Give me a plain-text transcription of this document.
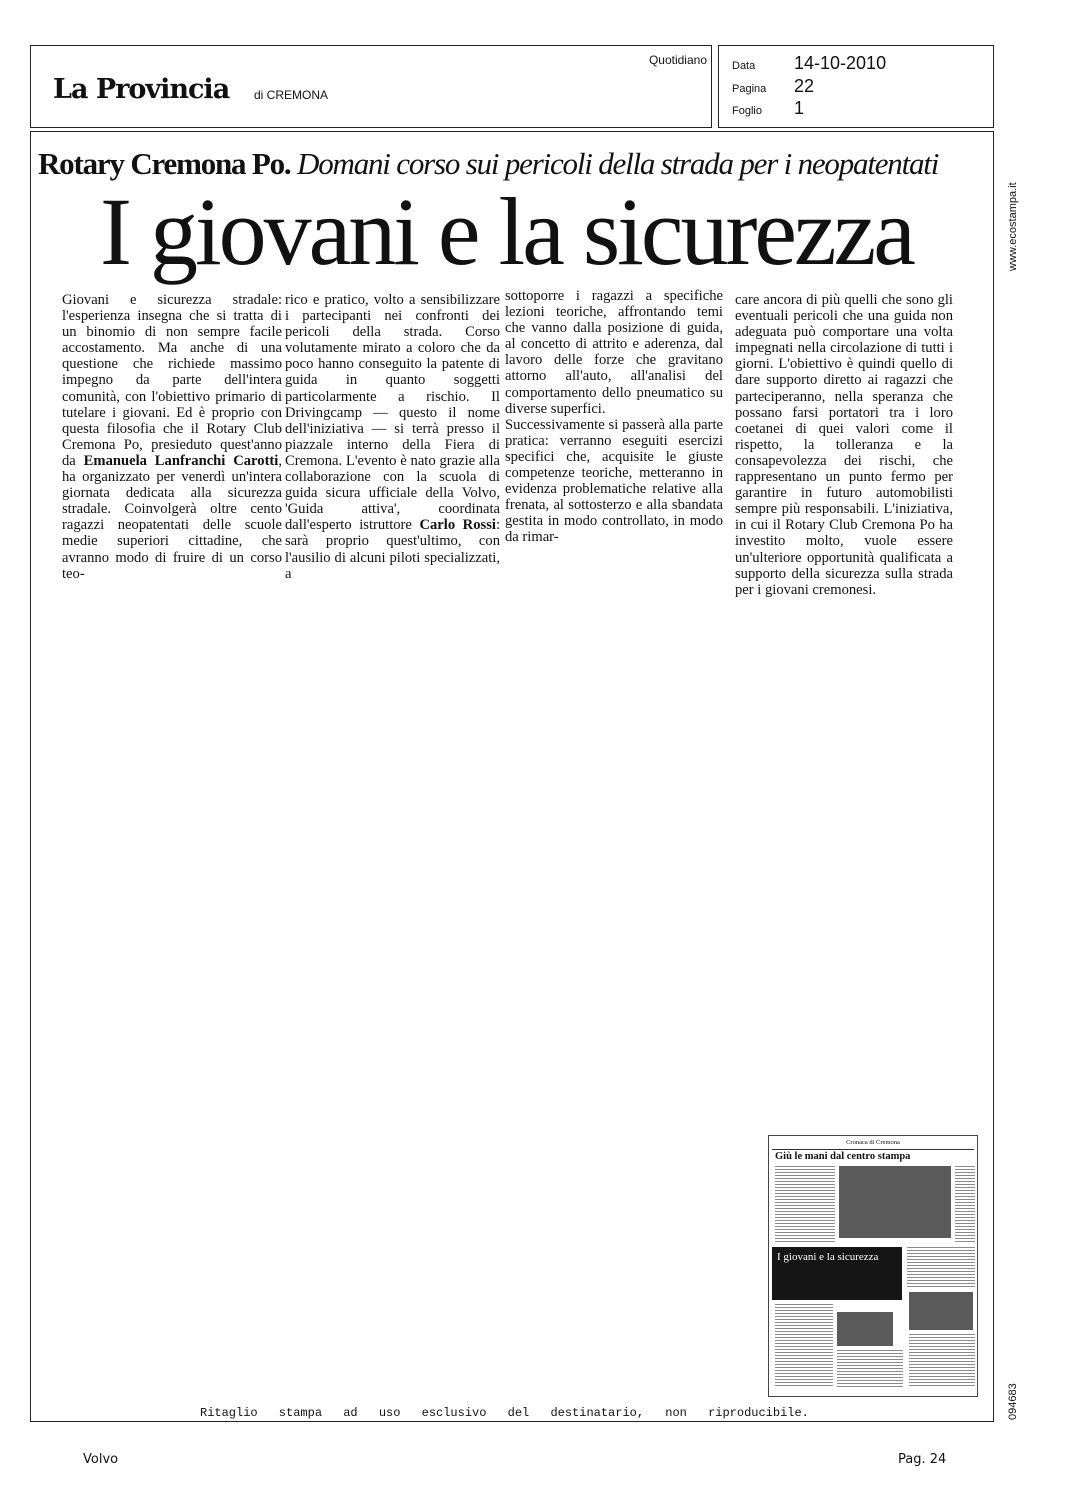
La Provincia di CREMONA
Quotidiano Data 14-10-2010
Pagina 22
Foglio 1
www.ecostampa.it
094683
Rotary Cremona Po. Domani corso sui pericoli della strada per i neopatentati
I giovani e la sicurezza

Giovani e sicurezza stradale: l'esperienza insegna che si tratta di un binomio di non sempre facile accostamento. Ma anche di una questione che richiede massimo impegno da parte dell'intera comunità, con l'obiettivo primario di tutelare i giovani. Ed è proprio con questa filosofia che il Rotary Club Cremona Po, presieduto quest'anno da Emanuela Lanfranchi Carotti, ha organizzato per venerdì un'intera giornata dedicata alla sicurezza stradale. Coinvolgerà oltre cento ragazzi neopatentati delle scuole medie superiori cittadine, che avranno modo di fruire di un corso teo-

rico e pratico, volto a sensibilizzare i partecipanti nei confronti dei pericoli della strada. Corso volutamente mirato a coloro che da poco hanno conseguito la patente di guida in quanto soggetti particolarmente a rischio. Il Drivingcamp — questo il nome dell'iniziativa — si terrà presso il piazzale interno della Fiera di Cremona. L'evento è nato grazie alla collaborazione con la scuola di guida sicura ufficiale della Volvo, 'Guida attiva', coordinata dall'esperto istruttore Carlo Rossi: sarà proprio quest'ultimo, con l'ausilio di alcuni piloti specializzati, a

sottoporre i ragazzi a specifiche lezioni teoriche, affrontando temi che vanno dalla posizione di guida, al concetto di attrito e aderenza, dal lavoro delle forze che gravitano attorno all'auto, all'analisi del comportamento dello pneumatico su diverse superfici.

Successivamente si passerà alla parte pratica: verranno eseguiti esercizi specifici che, acquisite le giuste competenze teoriche, metteranno in evidenza problematiche relative alla frenata, al sottosterzo e alla sbandata gestita in modo controllato, in modo da rimar-

care ancora di più quelli che sono gli eventuali pericoli che una guida non adeguata può comportare una volta impegnati nella circolazione di tutti i giorni. L'obiettivo è quindi quello di dare supporto diretto ai ragazzi che parteciperanno, nella speranza che possano farsi portatori tra i loro coetanei di quei valori come il rispetto, la tolleranza e la consapevolezza dei rischi, che rappresentano un punto fermo per garantire in futuro automobilisti sempre più responsabili. L'iniziativa, in cui il Rotary Club Cremona Po ha investito molto, vuole essere un'ulteriore opportunità qualificata a supporto della sicurezza sulla strada per i giovani cremonesi.

Cronaca di Cremona
Giù le mani dal centro stampa
I giovani e la sicurezza
Ritaglio stampa ad uso esclusivo del destinatario, non riproducibile.
Volvo	Pag. 24
